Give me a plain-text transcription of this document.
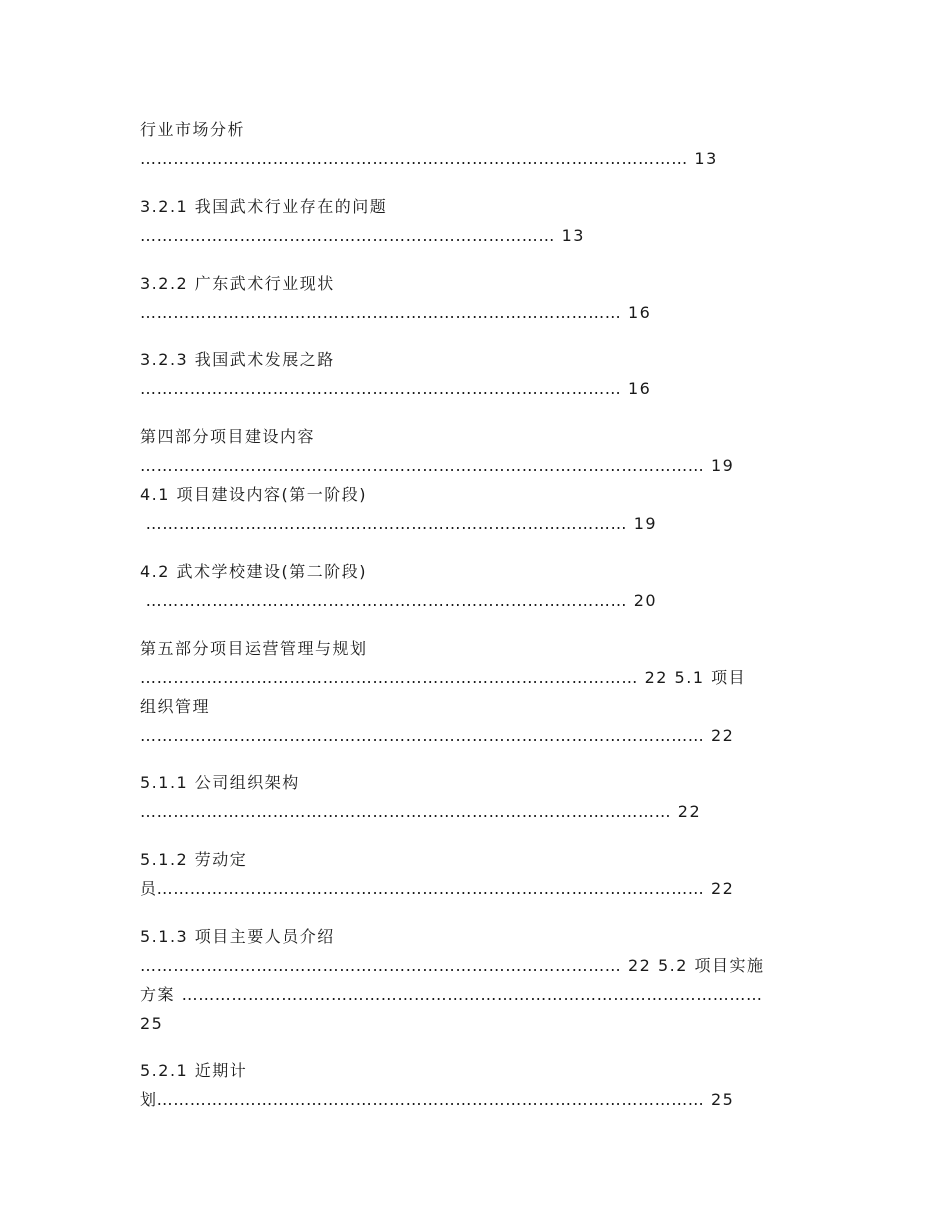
行业市场分析
……………………………………………………………………………………… 13
3.2.1 我国武术行业存在的问题
………………………………………………………………… 13
3.2.2 广东武术行业现状
…………………………………………………………………………… 16
3.2.3 我国武术发展之路
…………………………………………………………………………… 16
第四部分项目建设内容
………………………………………………………………………………………… 19
4.1 项目建设内容(第一阶段)
…………………………………………………………………………… 19
4.2 武术学校建设(第二阶段)
…………………………………………………………………………… 20
第五部分项目运营管理与规划
……………………………………………………………………………… 22 5.1 项目
组织管理
………………………………………………………………………………………… 22
5.1.1 公司组织架构
…………………………………………………………………………………… 22
5.1.2 劳动定
员……………………………………………………………………………………… 22
5.1.3 项目主要人员介绍
…………………………………………………………………………… 22 5.2 项目实施
方案 ……………………………………………………………………………………………
25
5.2.1 近期计
划……………………………………………………………………………………… 25
